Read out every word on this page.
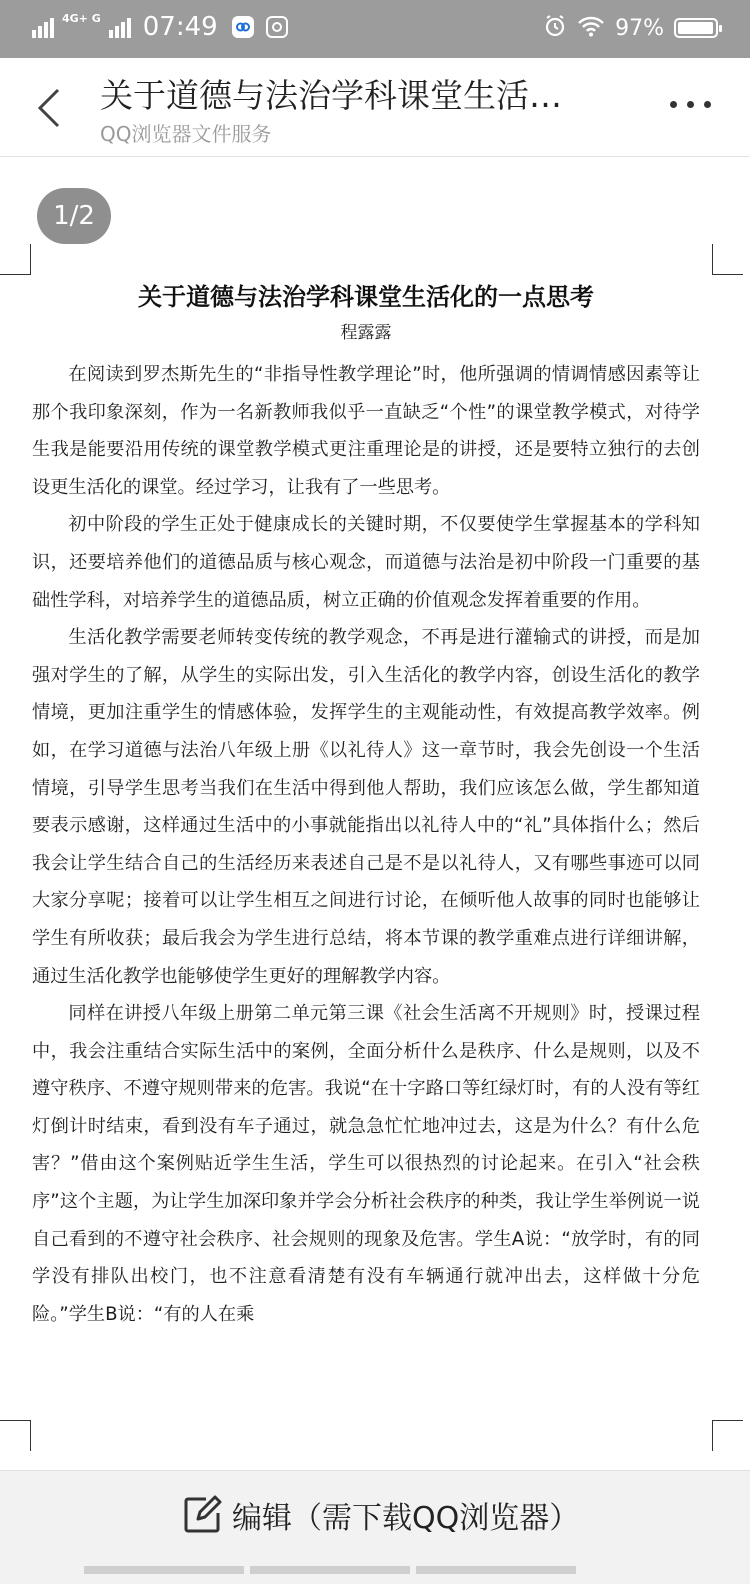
4G+ G 07:49	97%
关于道德与法治学科课堂生活…
QQ浏览器文件服务
1/2
关于道德与法治学科课堂生活化的一点思考
程露露

在阅读到罗杰斯先生的“非指导性教学理论”时，他所强调的情调情感因素等让那个我印象深刻，作为一名新教师我似乎一直缺乏“个性”的课堂教学模式，对待学生我是能要沿用传统的课堂教学模式更注重理论是的讲授，还是要特立独行的去创设更生活化的课堂。经过学习，让我有了一些思考。

初中阶段的学生正处于健康成长的关键时期，不仅要使学生掌握基本的学科知识，还要培养他们的道德品质与核心观念，而道德与法治是初中阶段一门重要的基础性学科，对培养学生的道德品质，树立正确的价值观念发挥着重要的作用。

生活化教学需要老师转变传统的教学观念，不再是进行灌输式的讲授，而是加强对学生的了解，从学生的实际出发，引入生活化的教学内容，创设生活化的教学情境，更加注重学生的情感体验，发挥学生的主观能动性，有效提高教学效率。例如，在学习道德与法治八年级上册《以礼待人》这一章节时，我会先创设一个生活情境，引导学生思考当我们在生活中得到他人帮助，我们应该怎么做，学生都知道要表示感谢，这样通过生活中的小事就能指出以礼待人中的“礼”具体指什么；然后我会让学生结合自己的生活经历来表述自己是不是以礼待人，又有哪些事迹可以同大家分享呢；接着可以让学生相互之间进行讨论，在倾听他人故事的同时也能够让学生有所收获；最后我会为学生进行总结，将本节课的教学重难点进行详细讲解，通过生活化教学也能够使学生更好的理解教学内容。

同样在讲授八年级上册第二单元第三课《社会生活离不开规则》时，授课过程中，我会注重结合实际生活中的案例，全面分析什么是秩序、什么是规则，以及不遵守秩序、不遵守规则带来的危害。我说“在十字路口等红绿灯时，有的人没有等红灯倒计时结束，看到没有车子通过，就急急忙忙地冲过去，这是为什么？有什么危害？”借由这个案例贴近学生生活，学生可以很热烈的讨论起来。在引入“社会秩序”这个主题，为让学生加深印象并学会分析社会秩序的种类，我让学生举例说一说自己看到的不遵守社会秩序、社会规则的现象及危害。学生A说：“放学时，有的同学没有排队出校门，也不注意看清楚有没有车辆通行就冲出去，这样做十分危险。”学生B说：“有的人在乘

编辑（需下载QQ浏览器）
